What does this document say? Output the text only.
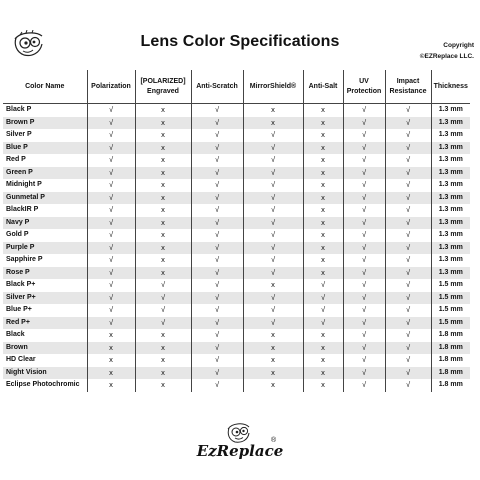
Lens Color Specifications	Copyright
©EZReplace LLC.
Color Name	Polarization	[POLARIZED] Engraved	Anti-Scratch	MirrorShield®	Anti-Salt	UV Protection	Impact Resistance	Thickness
Black P	√	x	√	x	x	√	√	1.3 mm
Brown P	√	x	√	x	x	√	√	1.3 mm
Silver P	√	x	√	√	x	√	√	1.3 mm
Blue P	√	x	√	√	x	√	√	1.3 mm
Red P	√	x	√	√	x	√	√	1.3 mm
Green P	√	x	√	√	x	√	√	1.3 mm
Midnight P	√	x	√	√	x	√	√	1.3 mm
Gunmetal P	√	x	√	√	x	√	√	1.3 mm
BlackIR P	√	x	√	√	x	√	√	1.3 mm
Navy P	√	x	√	√	x	√	√	1.3 mm
Gold P	√	x	√	√	x	√	√	1.3 mm
Purple P	√	x	√	√	x	√	√	1.3 mm
Sapphire P	√	x	√	√	x	√	√	1.3 mm
Rose P	√	x	√	√	x	√	√	1.3 mm
Black P+	√	√	√	x	√	√	√	1.5 mm
Silver P+	√	√	√	√	√	√	√	1.5 mm
Blue P+	√	√	√	√	√	√	√	1.5 mm
Red P+	√	√	√	√	√	√	√	1.5 mm
Black	x	x	√	x	x	√	√	1.8 mm
Brown	x	x	√	x	x	√	√	1.8 mm
HD Clear	x	x	√	x	x	√	√	1.8 mm
Night Vision	x	x	√	x	x	√	√	1.8 mm
Eclipse Photochromic	x	x	√	x	x	√	√	1.8 mm
EzReplace
®
